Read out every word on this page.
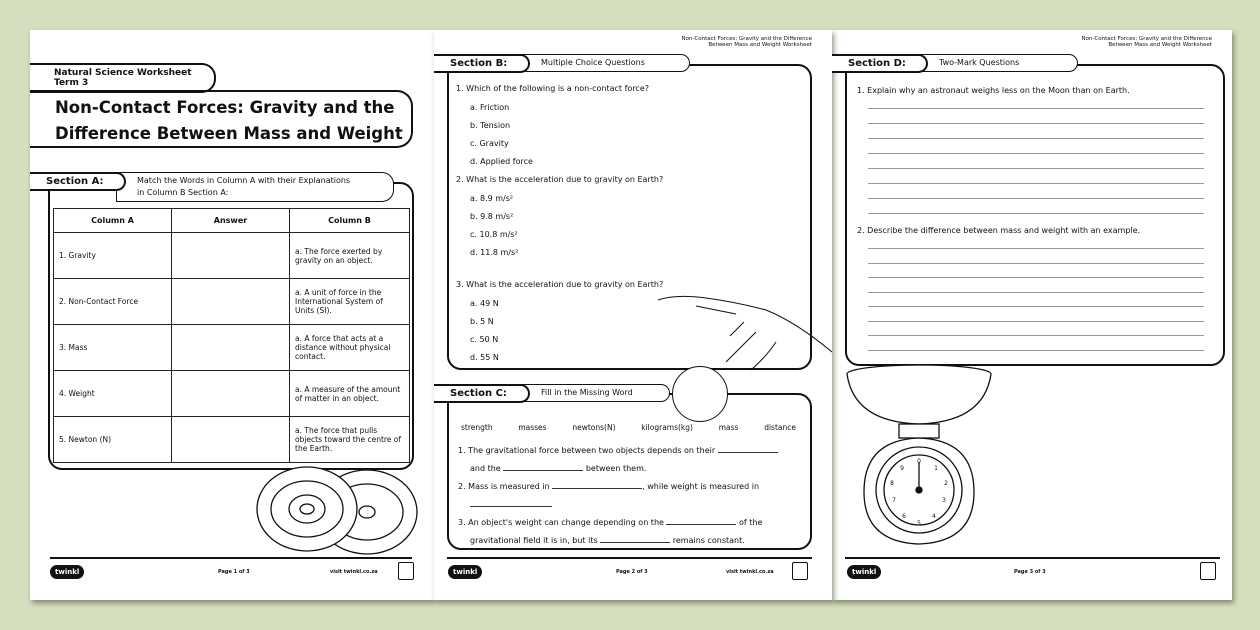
Natural Science Worksheet Term 3
Non-Contact Forces: Gravity and the
Difference Between Mass and Weight
Section A:	Match the Words in Column A with their Explanations
in Column B Section A:
Column A	Answer	Column B
1. Gravity		a. The force exerted by gravity on an object.
2. Non-Contact Force		a. A unit of force in the International System of Units (SI).
3. Mass		a. A force that acts at a distance without physical contact.
4. Weight		a. A measure of the amount of matter in an object.
5. Newton (N)		a. The force that pulls objects toward the centre of the Earth.
twinkl	Page 1 of 3	visit twinkl.co.za
Non-Contact Forces: Gravity and the Difference
Between Mass and Weight Worksheet
Section D:	Two-Mark Questions
1. Explain why an astronaut weighs less on the Moon than on Earth.
2. Describe the difference between mass and weight with an example.
0
1
2
3
4
5
6
7
8
9
twinkl	Page 3 of 3
Non-Contact Forces: Gravity and the Difference
Between Mass and Weight Worksheet
Section B:	Multiple Choice Questions
1. Which of the following is a non-contact force?
a. Friction
b. Tension
c. Gravity
d. Applied force
2. What is the acceleration due to gravity on Earth?
a. 8.9 m/s²
b. 9.8 m/s²
c. 10.8 m/s²
d. 11.8 m/s²
3. What is the acceleration due to gravity on Earth?
a. 49 N
b. 5 N
c. 50 N
d. 55 N
Section C:	Fill in the Missing Word
strength	masses	newtons(N)	kilograms(kg)	mass	distance
1. The gravitational force between two objects depends on their
and the	between them.
2. Mass is measured in	, while weight is measured in

3. An object's weight can change depending on the	of the
gravitational field it is in, but its	remains constant.
twinkl	Page 2 of 3	visit twinkl.co.za
